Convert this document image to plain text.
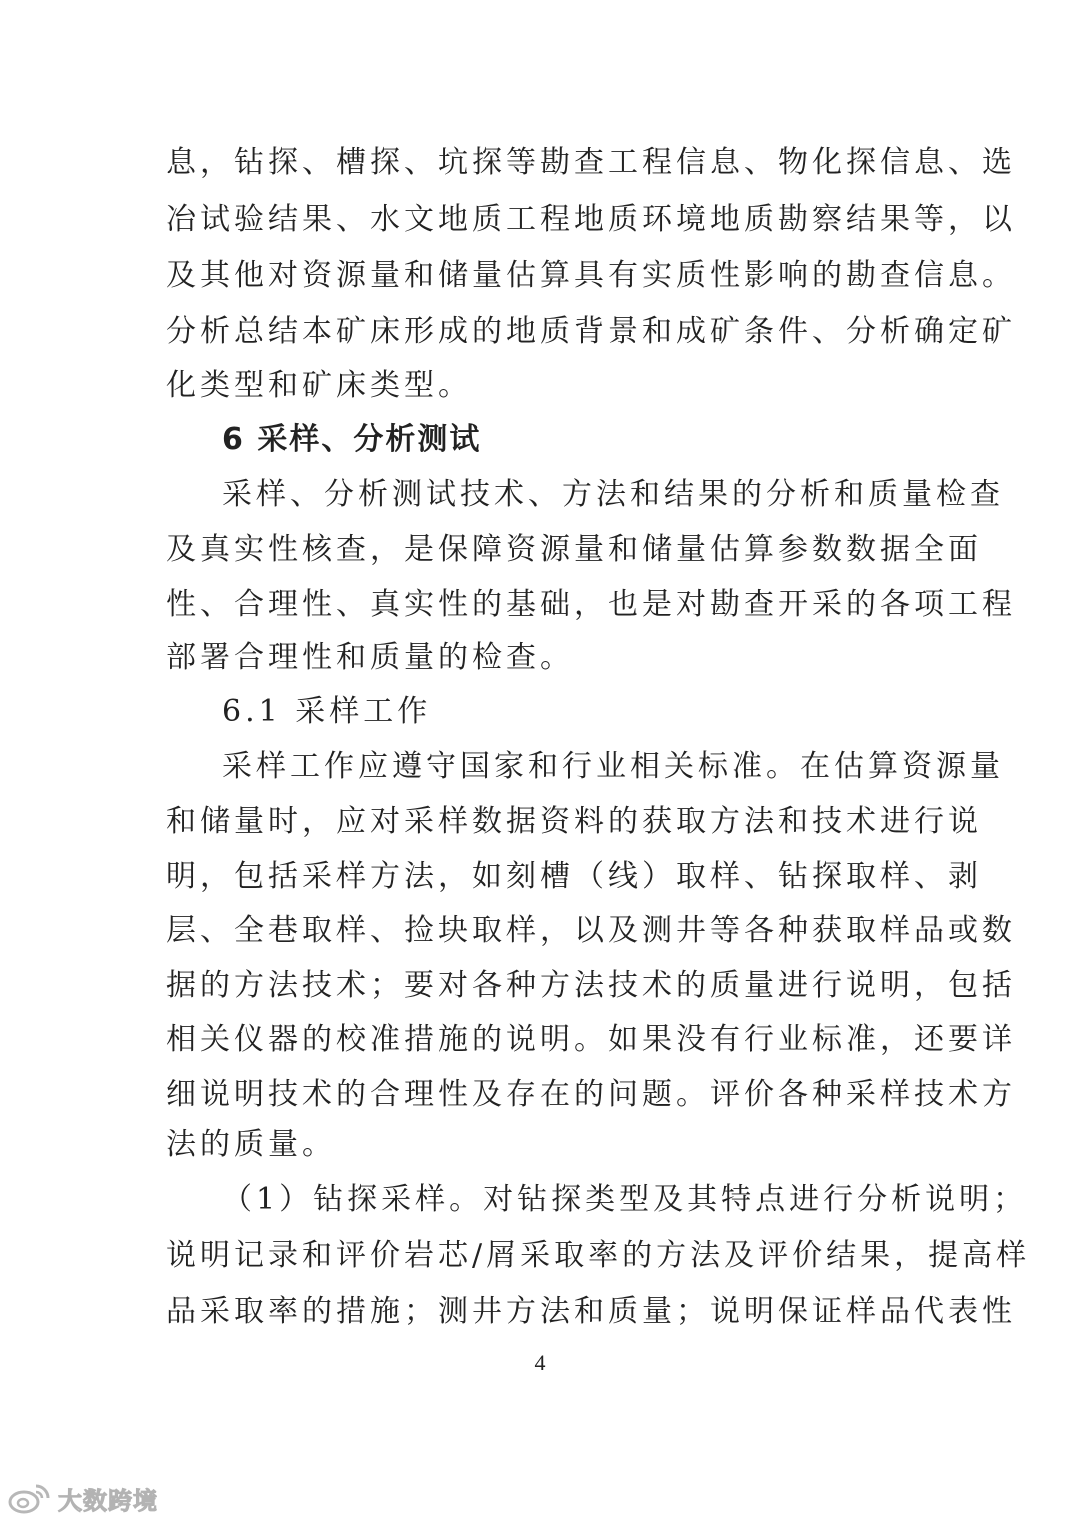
息，钻探、槽探、坑探等勘查工程信息、物化探信息、选
冶试验结果、水文地质工程地质环境地质勘察结果等，以
及其他对资源量和储量估算具有实质性影响的勘查信息。
分析总结本矿床形成的地质背景和成矿条件、分析确定矿
化类型和矿床类型。
6 采样、分析测试
采样、分析测试技术、方法和结果的分析和质量检查
及真实性核查，是保障资源量和储量估算参数数据全面
性、合理性、真实性的基础，也是对勘查开采的各项工程
部署合理性和质量的检查。
6.1 采样工作
采样工作应遵守国家和行业相关标准。在估算资源量
和储量时，应对采样数据资料的获取方法和技术进行说
明，包括采样方法，如刻槽（线）取样、钻探取样、剥
层、全巷取样、捡块取样，以及测井等各种获取样品或数
据的方法技术；要对各种方法技术的质量进行说明，包括
相关仪器的校准措施的说明。如果没有行业标准，还要详
细说明技术的合理性及存在的问题。评价各种采样技术方
法的质量。
（1）钻探采样。对钻探类型及其特点进行分析说明；
说明记录和评价岩芯/屑采取率的方法及评价结果，提高样
品采取率的措施；测井方法和质量；说明保证样品代表性
4
大数跨境
